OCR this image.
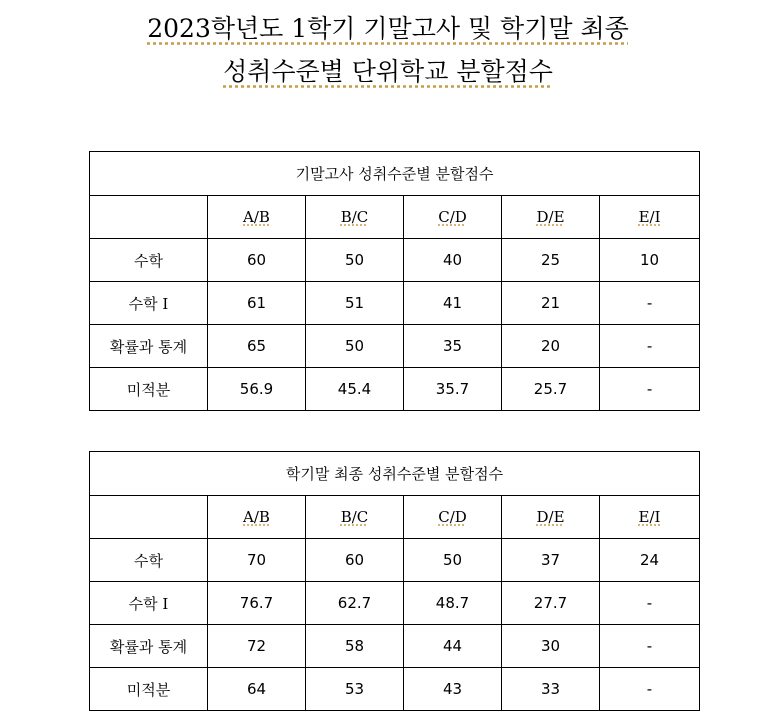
2023학년도 1학기 기말고사 및 학기말 최종
성취수준별 단위학교 분할점수
기말고사 성취수준별 분할점수					
	A/B	B/C	C/D	D/E	E/I
수학	60	50	40	25	10
수학 I	61	51	41	21	-
확률과 통계	65	50	35	20	-
미적분	56.9	45.4	35.7	25.7	-
학기말 최종 성취수준별 분할점수					
	A/B	B/C	C/D	D/E	E/I
수학	70	60	50	37	24
수학 I	76.7	62.7	48.7	27.7	-
확률과 통계	72	58	44	30	-
미적분	64	53	43	33	-
